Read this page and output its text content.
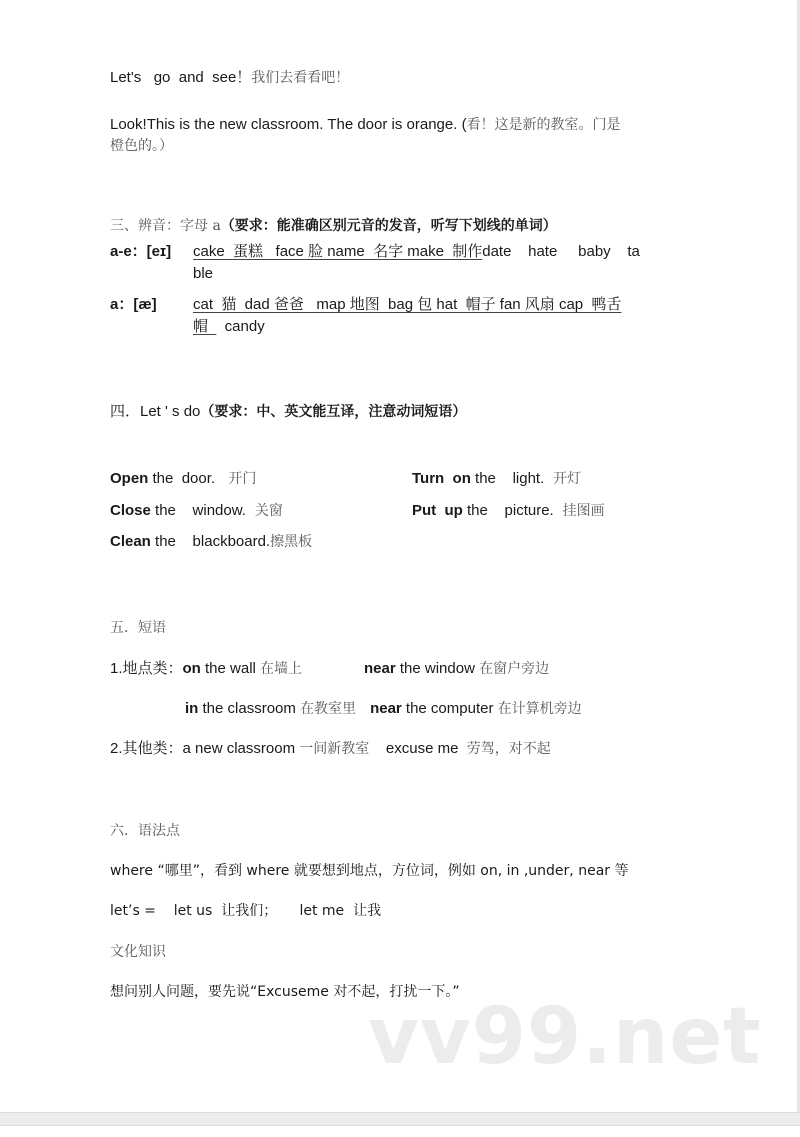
Let's   go  and  see！我们去看看吧！
Look!This is the new classroom. The door is orange. (看！这是新的教室。门是
橙色的。）
三、辨音：字母 a（要求：能准确区别元音的发音，听写下划线的单词）
a-e：[eɪ] cake  蛋糕   face 脸 name  名字 make  制作date    hate     baby    ta
ble
a：[æ] cat  猫  dad 爸爸   map 地图  bag 包 hat  帽子 fan 风扇 cap  鸭舌
帽    candy
四．Let ' s do（要求：中、英文能互译，注意动词短语）
Open the  door.   开门	Turn  on the    light.  开灯
Close the    window.  关窗	Put  up the    picture.  挂图画
Clean the    blackboard.擦黑板
五．短语
1.地点类：on the wall 在墙上	near the window 在窗户旁边
in the classroom 在教室里 near the computer 在计算机旁边
2.其他类：a new classroom 一间新教室    excuse me  劳驾，对不起
六．语法点
where “哪里”，看到 where 就要想到地点，方位词，例如 on, in ,under, near 等
let’s =    let us  让我们；     let me  让我
文化知识
想问别人问题，要先说“Excuseme 对不起，打扰一下。”
vv99.net
